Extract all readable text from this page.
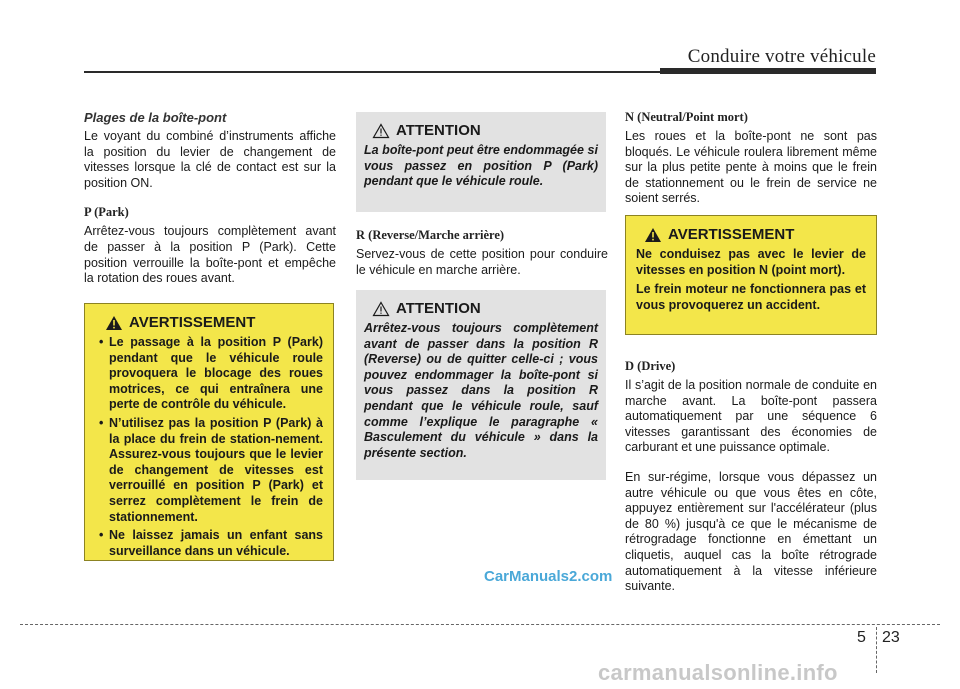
Conduire votre véhicule

Plages de la boîte-pont

Le voyant du combiné d’instruments affiche la position du levier de changement de vitesses lorsque la clé de contact est sur la position ON.

P (Park)

Arrêtez-vous toujours complètement avant de passer à la position P (Park). Cette position verrouille la boîte-pont et empêche la rotation des roues avant.

AVERTISSEMENT
• Le passage à la position P (Park) pendant que le véhicule roule provoquera le blocage des roues motrices, ce qui entraînera une perte de contrôle du véhicule.
• N’utilisez pas la position P (Park) à la place du frein de station-nement. Assurez-vous toujours que le levier de changement de vitesses est verrouillé en position P (Park) et serrez complètement le frein de stationnement.
• Ne laissez jamais un enfant sans surveillance dans un véhicule.
ATTENTION

La boîte-pont peut être endommagée si vous passez en position P (Park) pendant que le véhicule roule.

R (Reverse/Marche arrière)

Servez-vous de cette position pour conduire le véhicule en marche arrière.

ATTENTION

Arrêtez-vous toujours complètement avant de passer dans la position R (Reverse) ou de quitter celle-ci ; vous pouvez endommager la boîte-pont si vous passez dans la position R pendant que le véhicule roule, sauf comme l’explique le paragraphe « Basculement du véhicule » dans la présente section.

N (Neutral/Point mort)

Les roues et la boîte-pont ne sont pas bloqués. Le véhicule roulera librement même sur la plus petite pente à moins que le frein de stationnement ou le frein de service ne soient serrés.

AVERTISSEMENT

Ne conduisez pas avec le levier de vitesses en position N (point mort).

Le frein moteur ne fonctionnera pas et vous provoquerez un accident.

D (Drive)

Il s’agit de la position normale de conduite en marche avant. La boîte-pont passera automatiquement par une séquence 6 vitesses garantissant des économies de carburant et une puissance optimale.

En sur-régime, lorsque vous dépassez un autre véhicule ou que vous êtes en côte, appuyez entièrement sur l'accélérateur (plus de 80 %) jusqu'à ce que le mécanisme de rétrogradage fonctionne en émettant un cliquetis, auquel cas la boîte rétrograde automatiquement à la vitesse inférieure suivante.

CarManuals2.com
5 23
carmanualsonline.info
